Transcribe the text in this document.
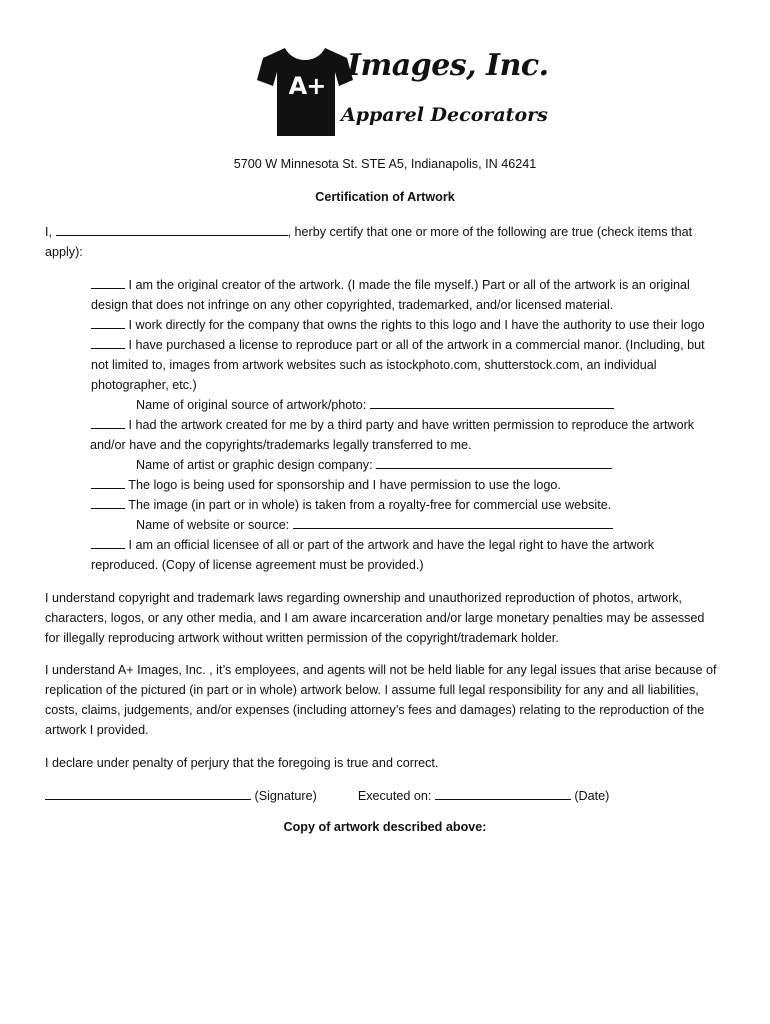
A+
Images, Inc.
Apparel Decorators
5700 W Minnesota St. STE A5, Indianapolis, IN 46241
Certification of Artwork
I,	, herby certify that one or more of the following are true (check items that
apply):
I am the original creator of the artwork. (I made the file myself.) Part or all of the artwork is an original
design that does not infringe on any other copyrighted, trademarked, and/or licensed material.
I work directly for the company that owns the rights to this logo and I have the authority to use their logo
I have purchased a license to reproduce part or all of the artwork in a commercial manor. (Including, but
not limited to, images from artwork websites such as istockphoto.com, shutterstock.com, an individual
photographer, etc.)
Name of original source of artwork/photo:
I had the artwork created for me by a third party and have written permission to reproduce the artwork
and/or have and the copyrights/trademarks legally transferred to me.
Name of artist or graphic design company:
The logo is being used for sponsorship and I have permission to use the logo.
The image (in part or in whole) is taken from a royalty-free for commercial use website.
Name of website or source:
I am an official licensee of all or part of the artwork and have the legal right to have the artwork
reproduced. (Copy of license agreement must be provided.)
I understand copyright and trademark laws regarding ownership and unauthorized reproduction of photos, artwork,
characters, logos, or any other media, and I am aware incarceration and/or large monetary penalties may be assessed
for illegally reproducing artwork without written permission of the copyright/trademark holder.
I understand A+ Images, Inc. , it’s employees, and agents will not be held liable for any legal issues that arise because of
replication of the pictured (in part or in whole) artwork below. I assume full legal responsibility for any and all liabilities,
costs, claims, judgements, and/or expenses (including attorney’s fees and damages) relating to the reproduction of the
artwork I provided.
I declare under penalty of perjury that the foregoing is true and correct.
(Signature)	Executed on:	(Date)
Copy of artwork described above:
